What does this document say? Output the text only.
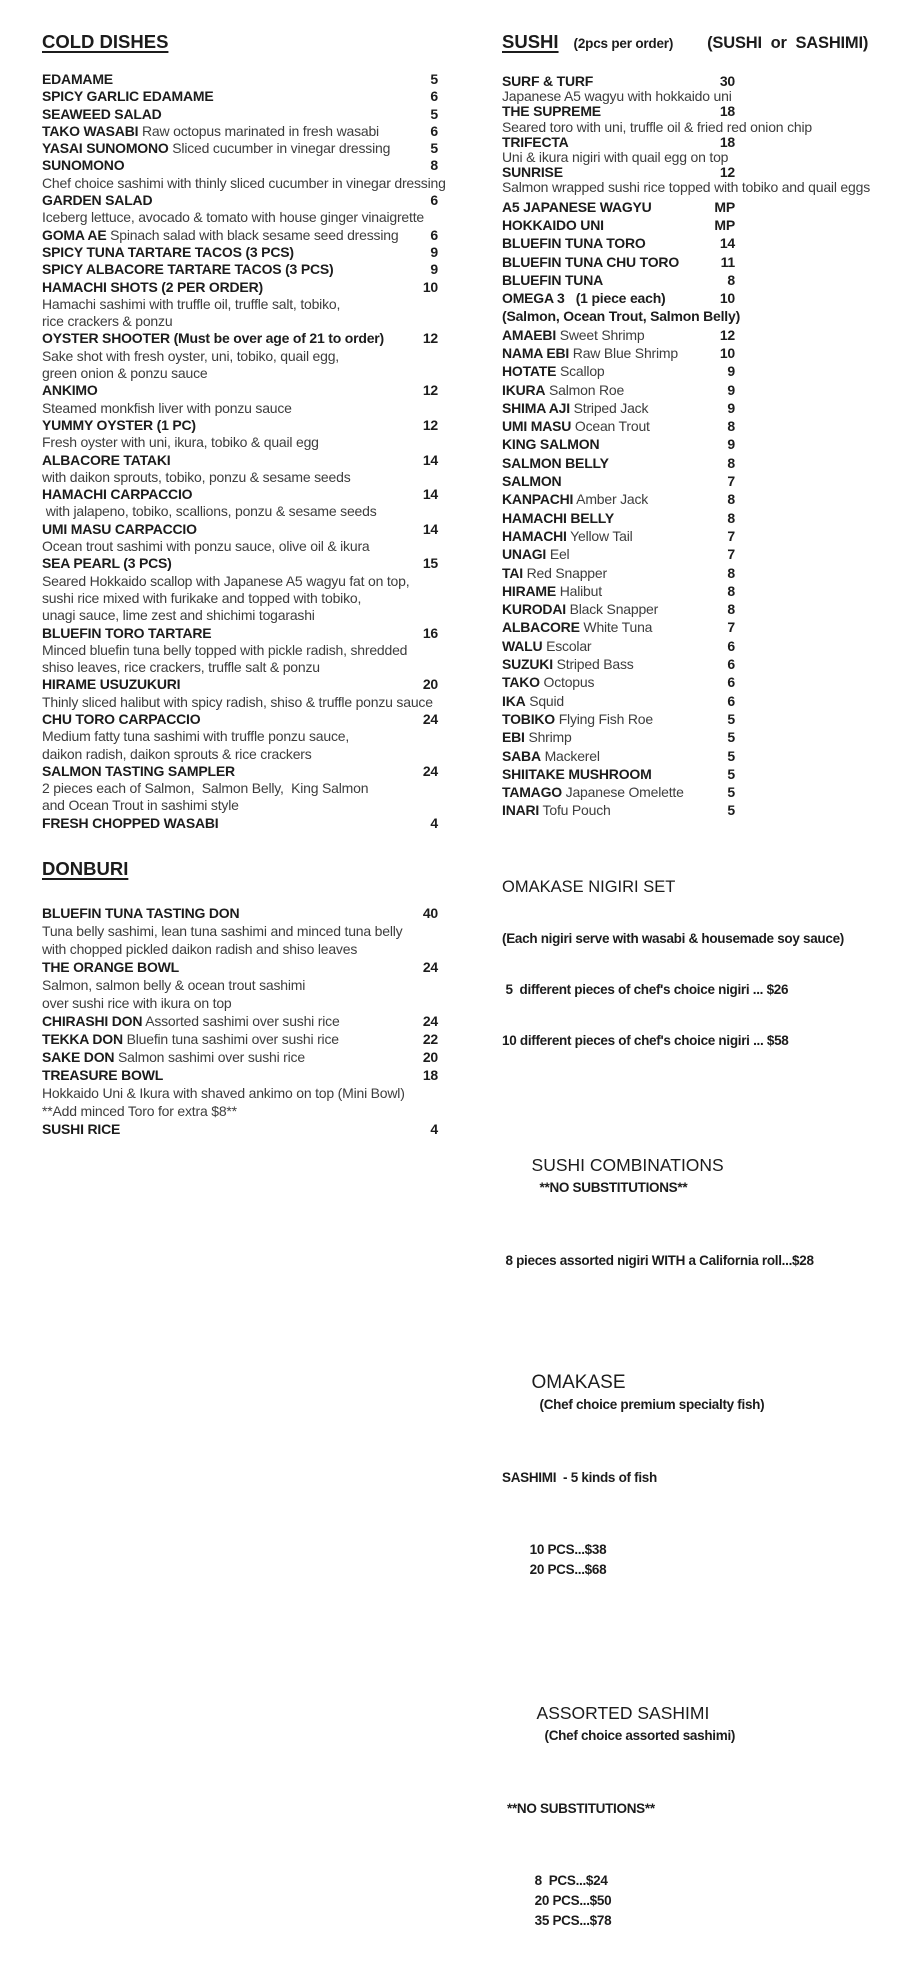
COLD DISHES
EDAMAME	5
SPICY GARLIC EDAMAME	6
SEAWEED SALAD	5
TAKO WASABI Raw octopus marinated in fresh wasabi	6
YASAI SUNOMONO Sliced cucumber in vinegar dressing	5
SUNOMONO	8
Chef choice sashimi with thinly sliced cucumber in vinegar dressing
GARDEN SALAD	6
Iceberg lettuce, avocado & tomato with house ginger vinaigrette
GOMA AE Spinach salad with black sesame seed dressing	6
SPICY TUNA TARTARE TACOS (3 PCS)	9
SPICY ALBACORE TARTARE TACOS (3 PCS)	9
HAMACHI SHOTS (2 PER ORDER)	10
Hamachi sashimi with truffle oil, truffle salt, tobiko,
rice crackers & ponzu
OYSTER SHOOTER (Must be over age of 21 to order)	12
Sake shot with fresh oyster, uni, tobiko, quail egg,
green onion & ponzu sauce
ANKIMO	12
Steamed monkfish liver with ponzu sauce
YUMMY OYSTER (1 PC)	12
Fresh oyster with uni, ikura, tobiko & quail egg
ALBACORE TATAKI	14
with daikon sprouts, tobiko, ponzu & sesame seeds
HAMACHI CARPACCIO	14
with jalapeno, tobiko, scallions, ponzu & sesame seeds
UMI MASU CARPACCIO	14
Ocean trout sashimi with ponzu sauce, olive oil & ikura
SEA PEARL (3 PCS)	15
Seared Hokkaido scallop with Japanese A5 wagyu fat on top,
sushi rice mixed with furikake and topped with tobiko,
unagi sauce, lime zest and shichimi togarashi
BLUEFIN TORO TARTARE	16
Minced bluefin tuna belly topped with pickle radish, shredded
shiso leaves, rice crackers, truffle salt & ponzu
HIRAME USUZUKURI	20
Thinly sliced halibut with spicy radish, shiso & truffle ponzu sauce
CHU TORO CARPACCIO	24
Medium fatty tuna sashimi with truffle ponzu sauce,
daikon radish, daikon sprouts & rice crackers
SALMON TASTING SAMPLER	24
2 pieces each of Salmon,  Salmon Belly,  King Salmon
and Ocean Trout in sashimi style
FRESH CHOPPED WASABI	4
DONBURI
BLUEFIN TUNA TASTING DON	40
Tuna belly sashimi, lean tuna sashimi and minced tuna belly
with chopped pickled daikon radish and shiso leaves
THE ORANGE BOWL	24
Salmon, salmon belly & ocean trout sashimi
over sushi rice with ikura on top
CHIRASHI DON Assorted sashimi over sushi rice	24
TEKKA DON Bluefin tuna sashimi over sushi rice	22
SAKE DON Salmon sashimi over sushi rice	20
TREASURE BOWL	18
Hokkaido Uni & Ikura with shaved ankimo on top (Mini Bowl)
**Add minced Toro for extra $8**
SUSHI RICE	4
SUSHI (2pcs per order) (SUSHI  or  SASHIMI)
SURF & TURF	30
Japanese A5 wagyu with hokkaido uni
THE SUPREME	18
Seared toro with uni, truffle oil & fried red onion chip
TRIFECTA	18
Uni & ikura nigiri with quail egg on top
SUNRISE	12
Salmon wrapped sushi rice topped with tobiko and quail eggs
A5 JAPANESE WAGYU	MP
HOKKAIDO UNI	MP
BLUEFIN TUNA TORO	14
BLUEFIN TUNA CHU TORO	11
BLUEFIN TUNA	8
OMEGA 3   (1 piece each)	10
(Salmon, Ocean Trout, Salmon Belly)
AMAEBI Sweet Shrimp	12
NAMA EBI Raw Blue Shrimp	10
HOTATE Scallop	9
IKURA Salmon Roe	9
SHIMA AJI Striped Jack	9
UMI MASU Ocean Trout	8
KING SALMON	9
SALMON BELLY	8
SALMON	7
KANPACHI Amber Jack	8
HAMACHI BELLY	8
HAMACHI Yellow Tail	7
UNAGI Eel	7
TAI Red Snapper	8
HIRAME Halibut	8
KURODAI Black Snapper	8
ALBACORE White Tuna	7
WALU Escolar	6
SUZUKI Striped Bass	6
TAKO Octopus	6
IKA Squid	6
TOBIKO Flying Fish Roe	5
EBI Shrimp	5
SABA Mackerel	5
SHIITAKE MUSHROOM	5
TAMAGO Japanese Omelette	5
INARI Tofu Pouch	5

OMAKASE NIGIRI SET

(Each nigiri serve with wasabi & housemade soy sauce)

5  different pieces of chef's choice nigiri ... $26

10 different pieces of chef's choice nigiri ... $58

SUSHI COMBINATIONS
**NO SUBSTITUTIONS**

8 pieces assorted nigiri WITH a California roll...$28

OMAKASE
(Chef choice premium specialty fish)

SASHIMI  - 5 kinds of fish

10 PCS...$38
20 PCS...$68

ASSORTED SASHIMI
(Chef choice assorted sashimi)

**NO SUBSTITUTIONS**

8  PCS...$24
20 PCS...$50
35 PCS...$78
